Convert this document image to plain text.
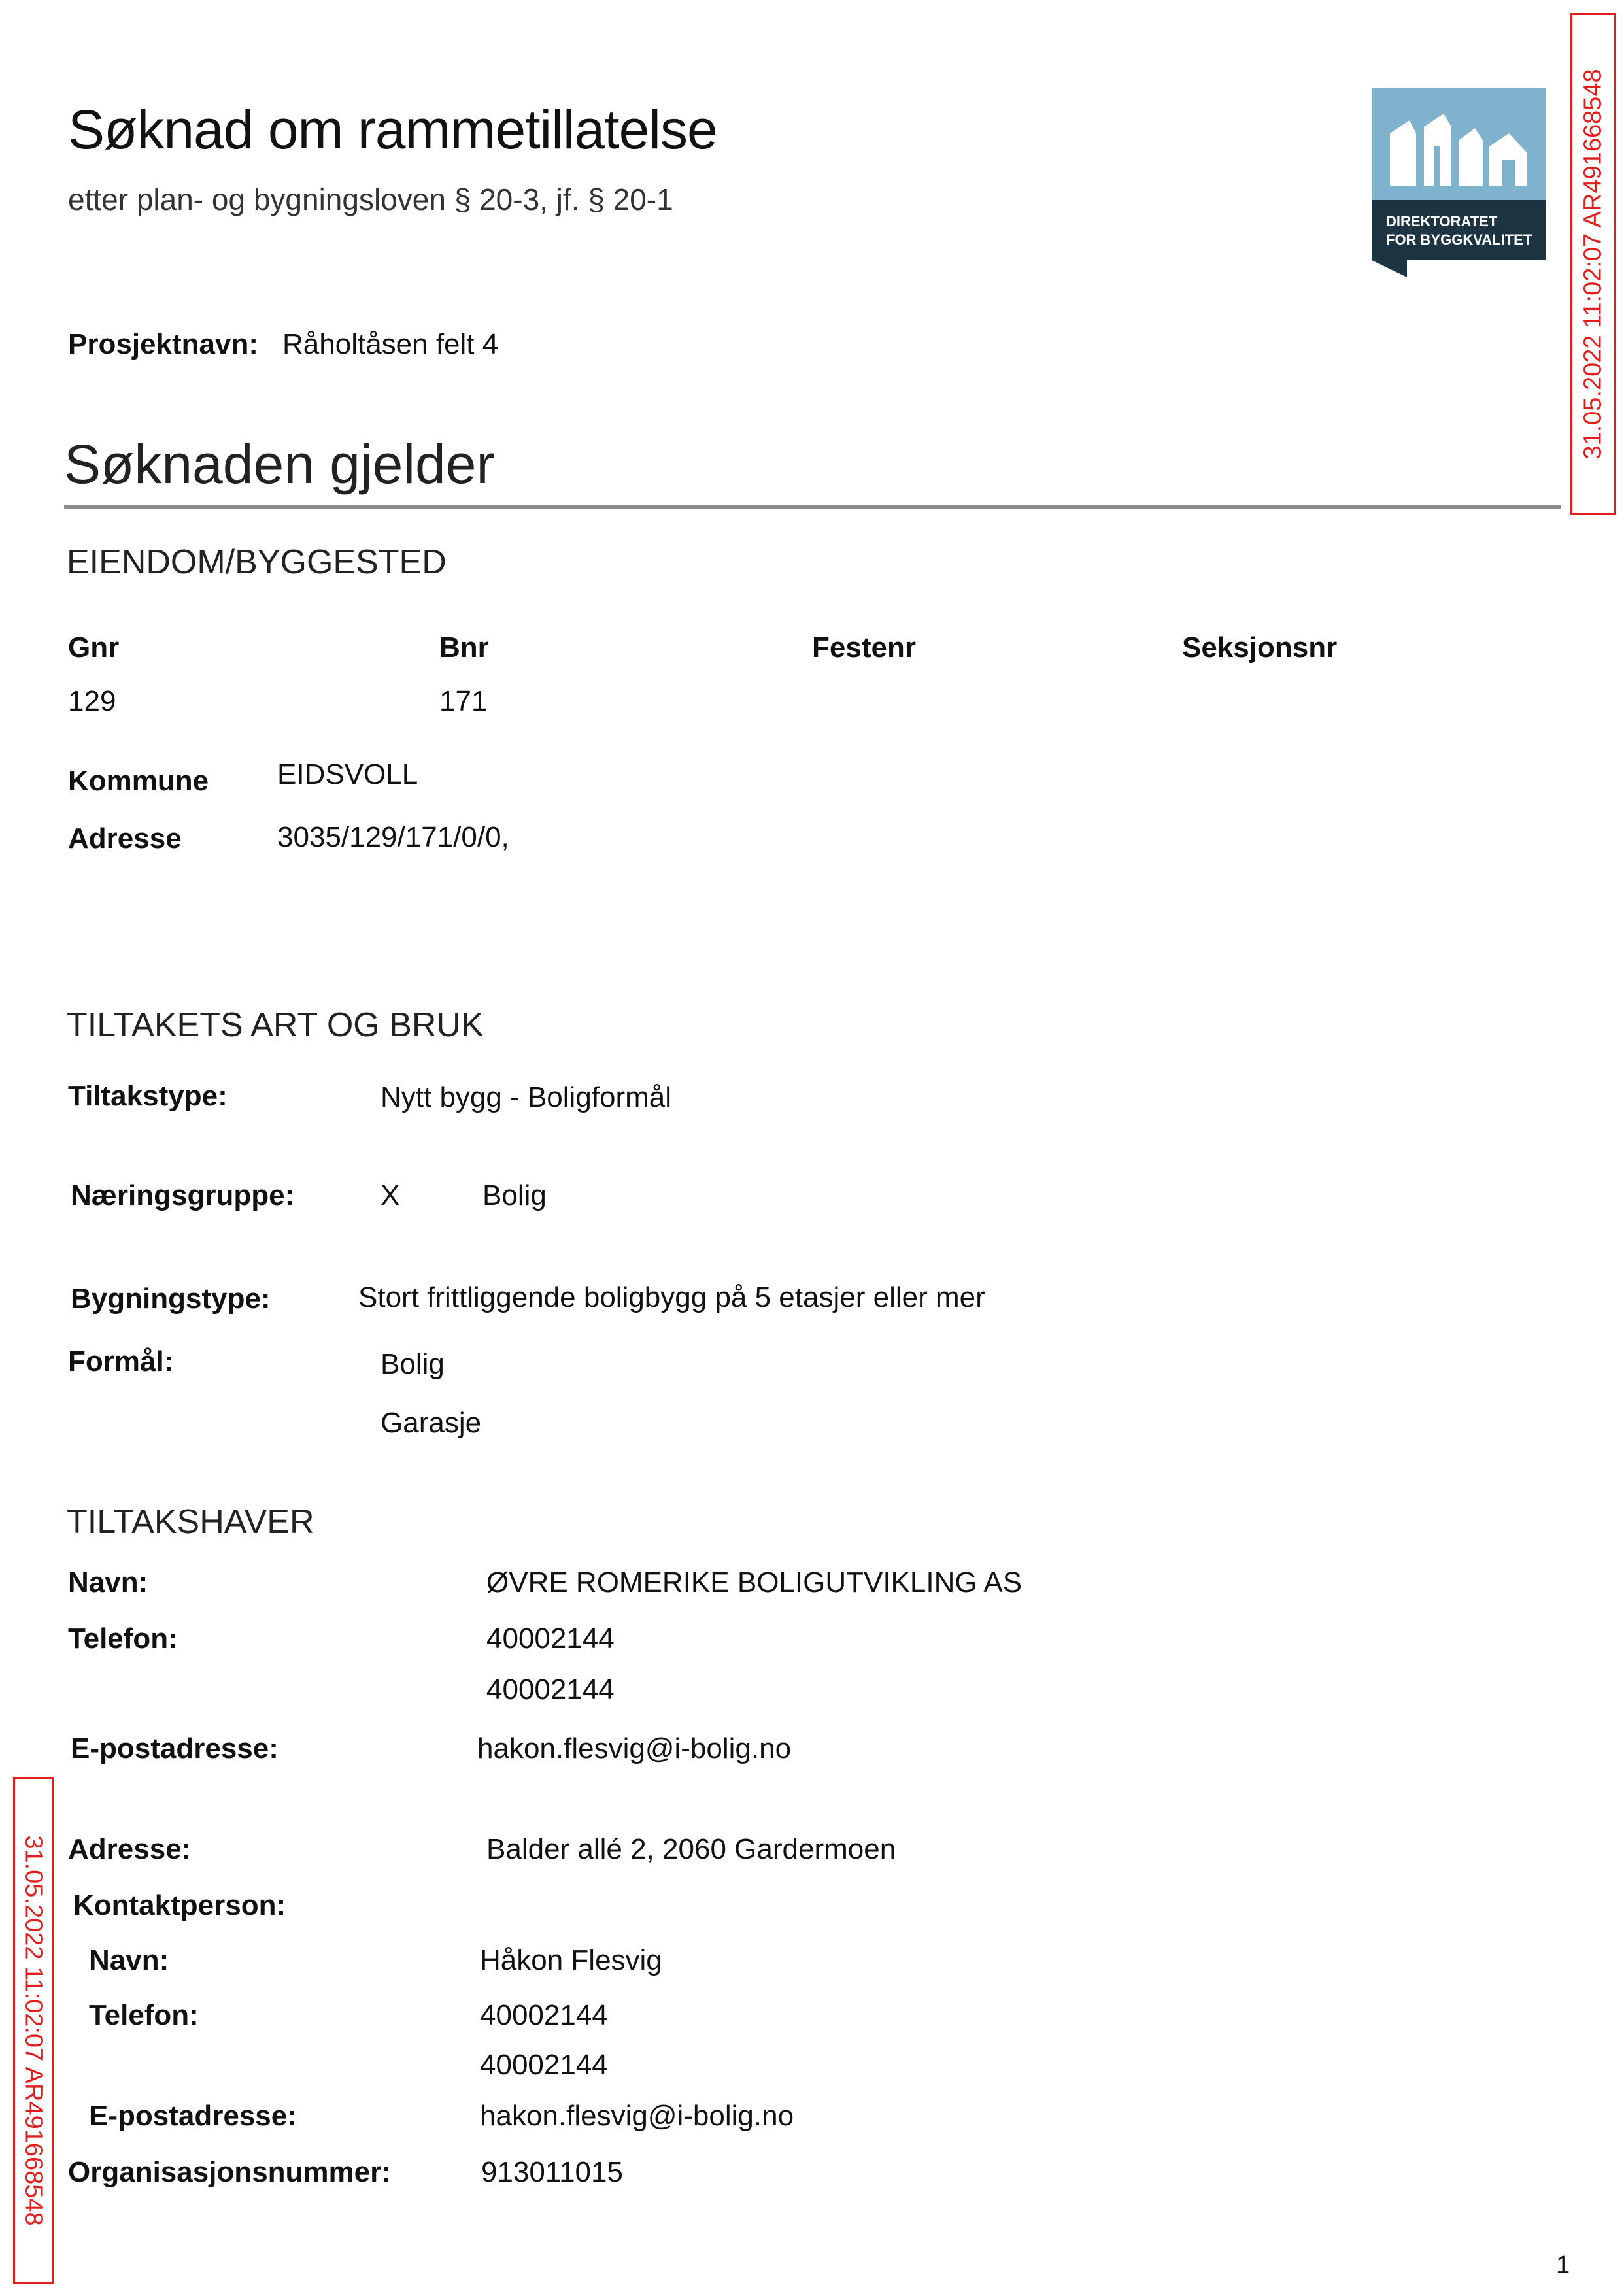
Søknad om rammetillatelse
etter plan- og bygningsloven § 20-3, jf. § 20-1
DIREKTORATET
FOR BYGGKVALITET 31.05.2022 11:02:07 AR491668548
31.05.2022 11:02:07 AR491668548
Prosjektnavn: Råholtåsen felt 4
Søknaden gjelder
EIENDOM/BYGGESTED
Gnr	Bnr	Festenr	Seksjonsnr
129	171
Kommune EIDSVOLL
Adresse	3035/129/171/0/0,
TILTAKETS ART OG BRUK
Tiltakstype:	Nytt bygg - Boligformål
Næringsgruppe:	X	Bolig
Bygningstype:	Stort frittliggende boligbygg på 5 etasjer eller mer
Formål:	Bolig
Garasje
TILTAKSHAVER
Navn:	ØVRE ROMERIKE BOLIGUTVIKLING AS
Telefon:	40002144
40002144
E-postadresse:	hakon.flesvig@i-bolig.no
Adresse:	Balder allé 2, 2060 Gardermoen
Kontaktperson:
Navn:	Håkon Flesvig
Telefon:	40002144
40002144
E-postadresse:	hakon.flesvig@i-bolig.no
Organisasjonsnummer:	913011015
1
